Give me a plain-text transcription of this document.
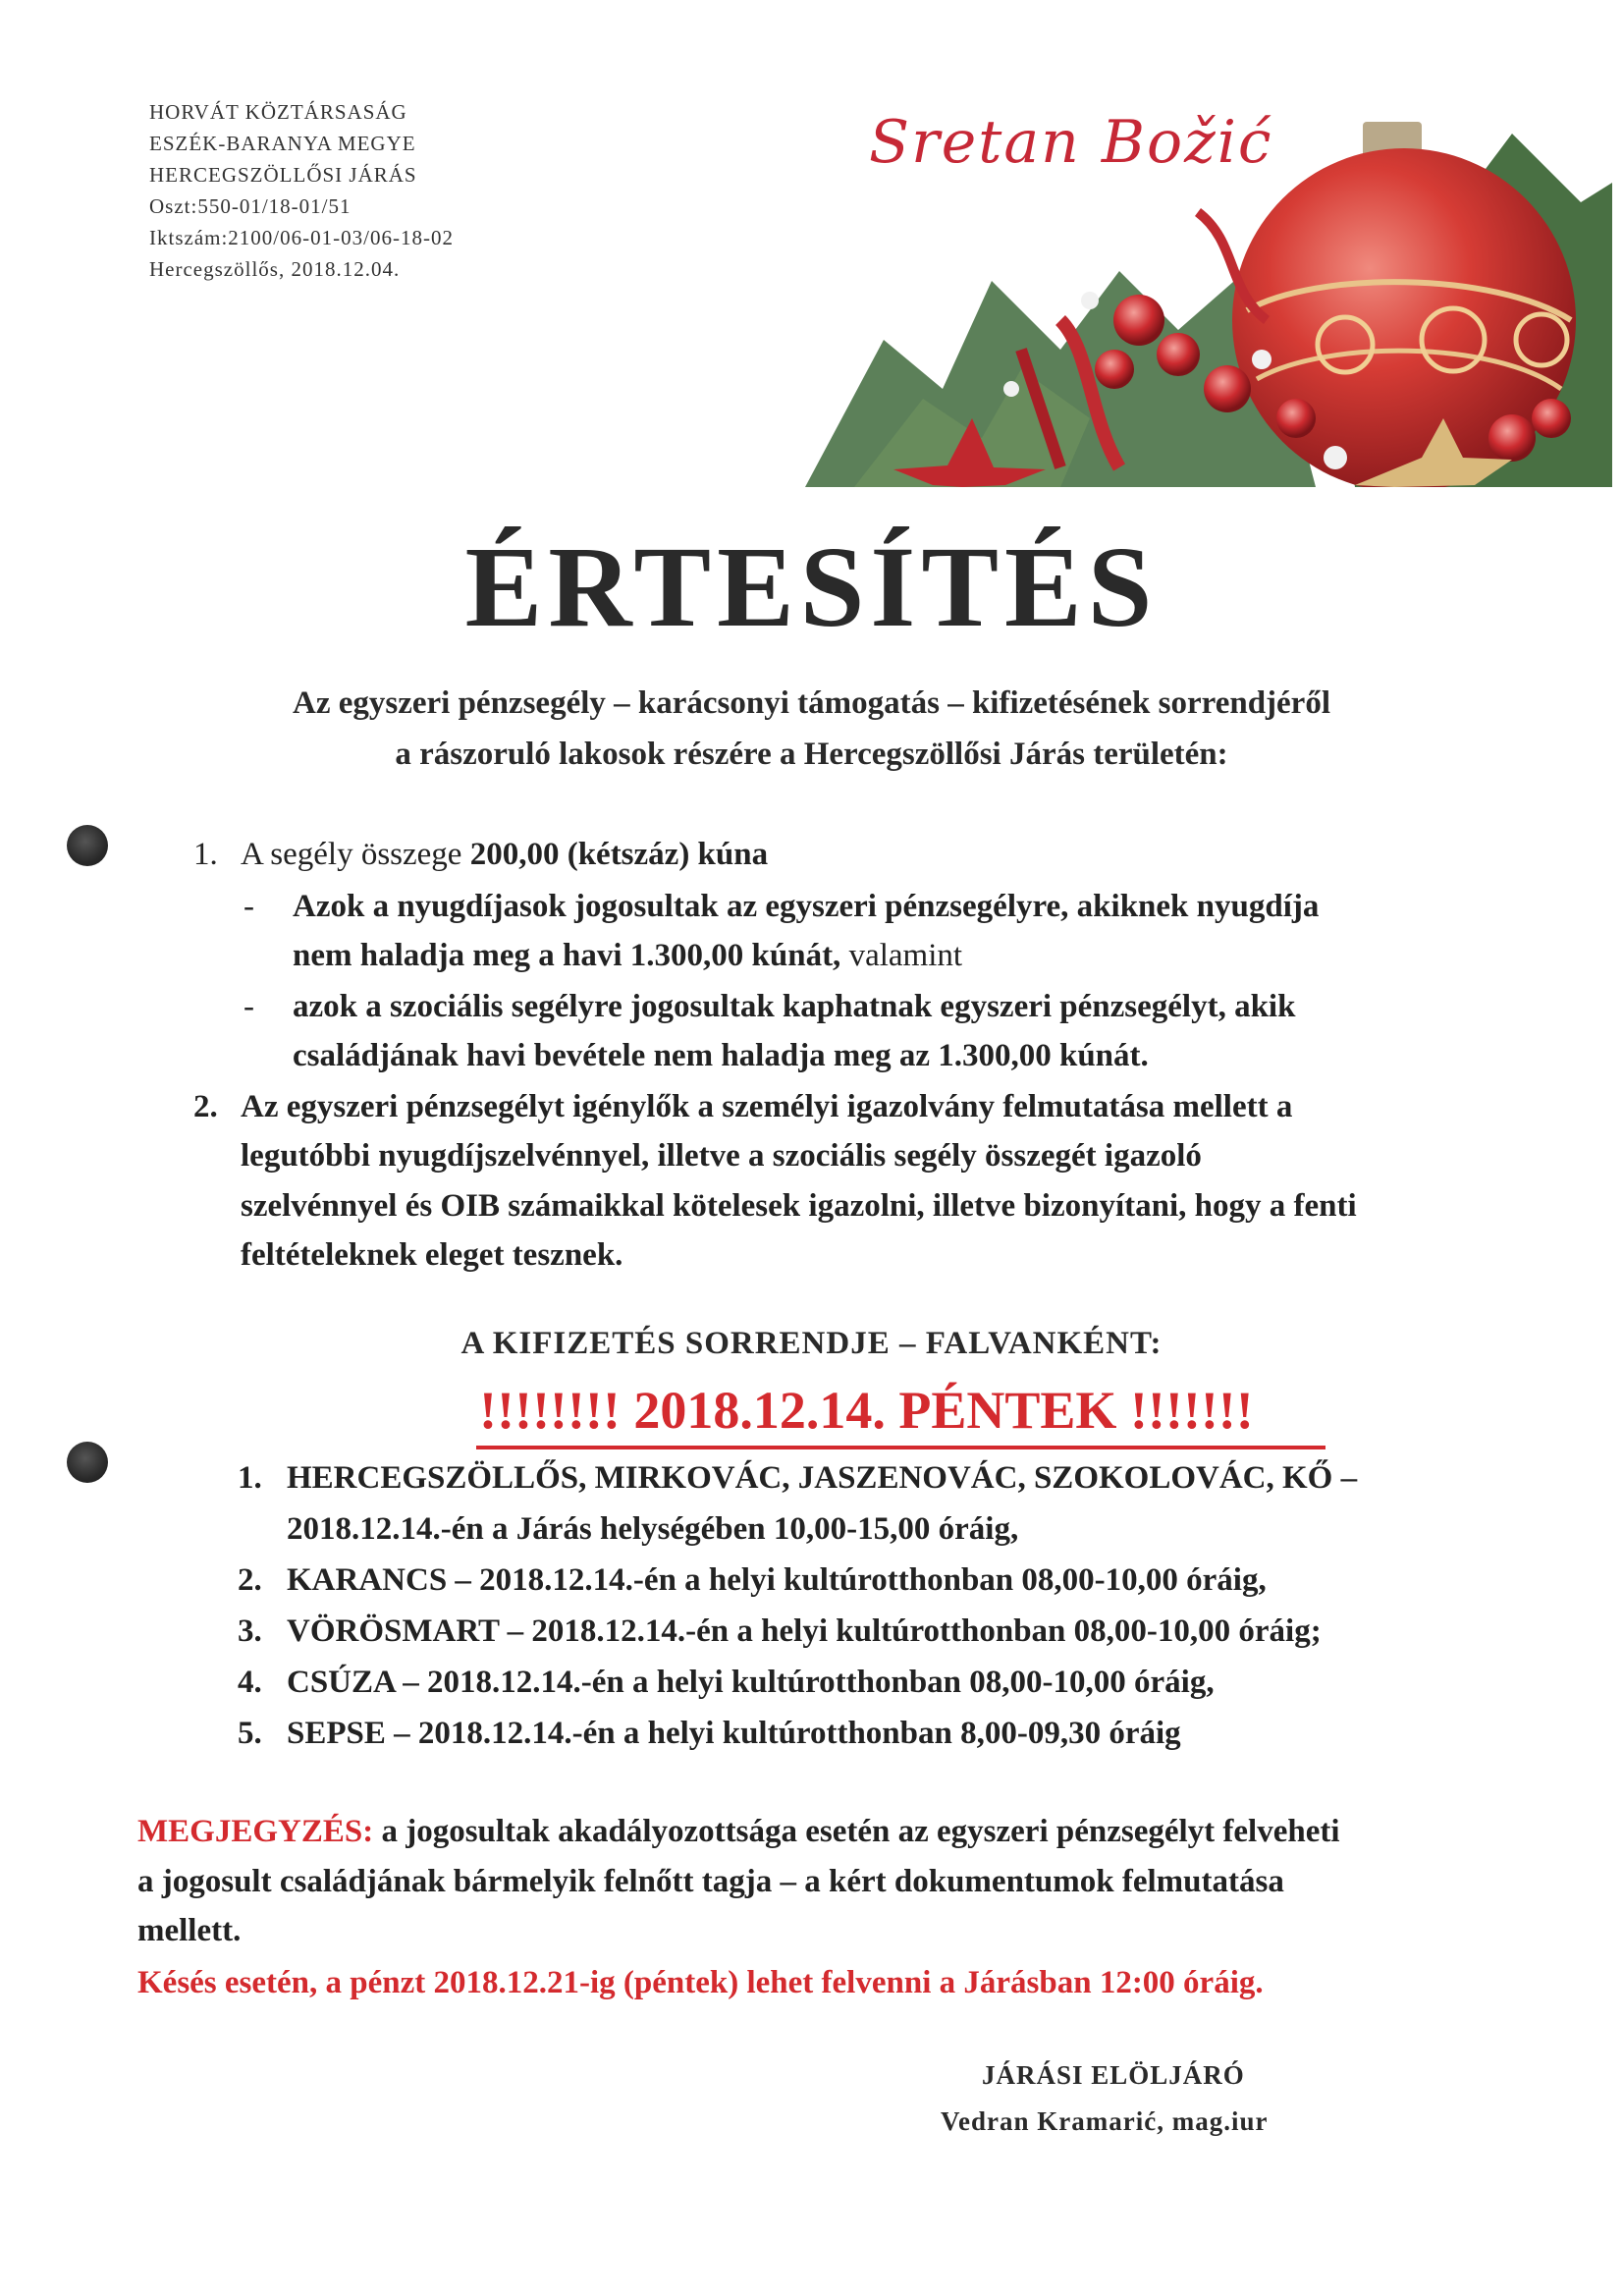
HORVÁT KÖZTÁRSASÁG
ESZÉK-BARANYA MEGYE
HERCEGSZÖLLŐSI JÁRÁS
Oszt:550-01/18-01/51
Iktszám:2100/06-01-03/06-18-02
Hercegszöllős, 2018.12.04.
Sretan Božić
ÉRTESÍTÉS
Az egyszeri pénzsegély – karácsonyi támogatás – kifizetésének sorrendjéről
a rászoruló lakosok részére a Hercegszöllősi Járás területén:
1. A segély összege 200,00 (kétszáz) kúna
- Azok a nyugdíjasok jogosultak az egyszeri pénzsegélyre, akiknek nyugdíja
nem haladja meg a havi 1.300,00 kúnát, valamint
- azok a szociális segélyre jogosultak kaphatnak egyszeri pénzsegélyt, akik
családjának havi bevétele nem haladja meg az 1.300,00 kúnát.
2. Az egyszeri pénzsegélyt igénylők a személyi igazolvány felmutatása mellett a
legutóbbi nyugdíjszelvénnyel, illetve a szociális segély összegét igazoló
szelvénnyel és OIB számaikkal kötelesek igazolni, illetve bizonyítani, hogy a fenti
feltételeknek eleget tesznek.
A KIFIZETÉS SORRENDJE – FALVANKÉNT:
!!!!!!!! 2018.12.14. PÉNTEK !!!!!!!
1. HERCEGSZÖLLŐS, MIRKOVÁC, JASZENOVÁC, SZOKOLOVÁC, KŐ –
2018.12.14.-én a Járás helységében 10,00-15,00 óráig,
2. KARANCS – 2018.12.14.-én a helyi kultúrotthonban 08,00-10,00 óráig,
3. VÖRÖSMART – 2018.12.14.-én a helyi kultúrotthonban 08,00-10,00 óráig;
4. CSÚZA – 2018.12.14.-én a helyi kultúrotthonban 08,00-10,00 óráig,
5. SEPSE – 2018.12.14.-én a helyi kultúrotthonban 8,00-09,30 óráig
MEGJEGYZÉS: a jogosultak akadályozottsága esetén az egyszeri pénzsegélyt felveheti
a jogosult családjának bármelyik felnőtt tagja – a kért dokumentumok felmutatása
mellett.
Késés esetén, a pénzt 2018.12.21-ig (péntek) lehet felvenni a Járásban 12:00 óráig.
JÁRÁSI ELÖLJÁRÓ
Vedran Kramarić, mag.iur
